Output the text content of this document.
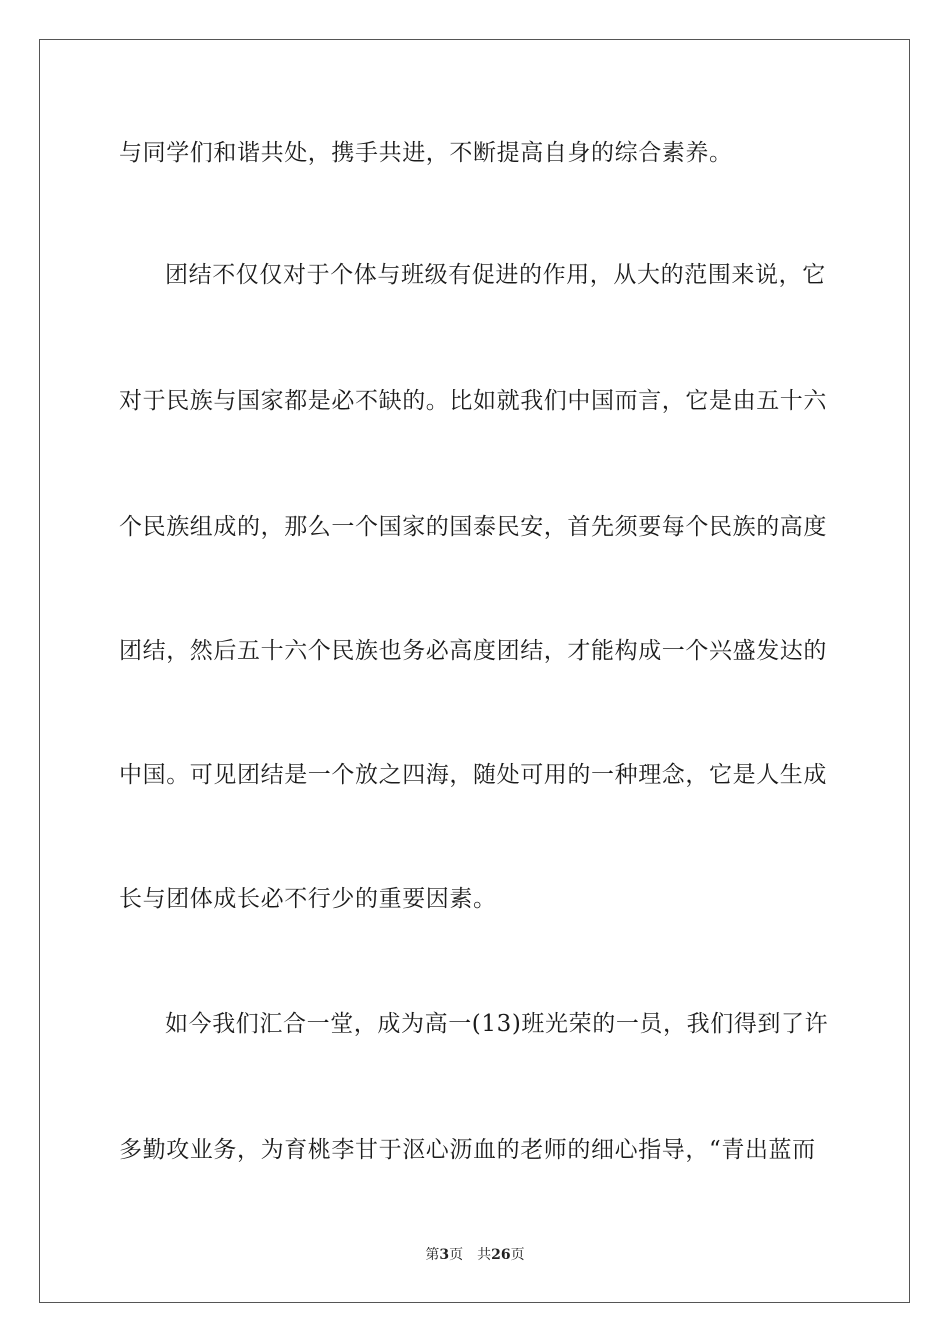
与同学们和谐共处，携手共进，不断提高自身的综合素养。
团结不仅仅对于个体与班级有促进的作用，从大的范围来说，它
对于民族与国家都是必不缺的。比如就我们中国而言，它是由五十六
个民族组成的，那么一个国家的国泰民安，首先须要每个民族的高度
团结，然后五十六个民族也务必高度团结，才能构成一个兴盛发达的
中国。可见团结是一个放之四海，随处可用的一种理念，它是人生成
长与团体成长必不行少的重要因素。
如今我们汇合一堂，成为高一(13)班光荣的一员，我们得到了许
多勤攻业务，为育桃李甘于沤心沥血的老师的细心指导，“青出蓝而
第3页 共26页
